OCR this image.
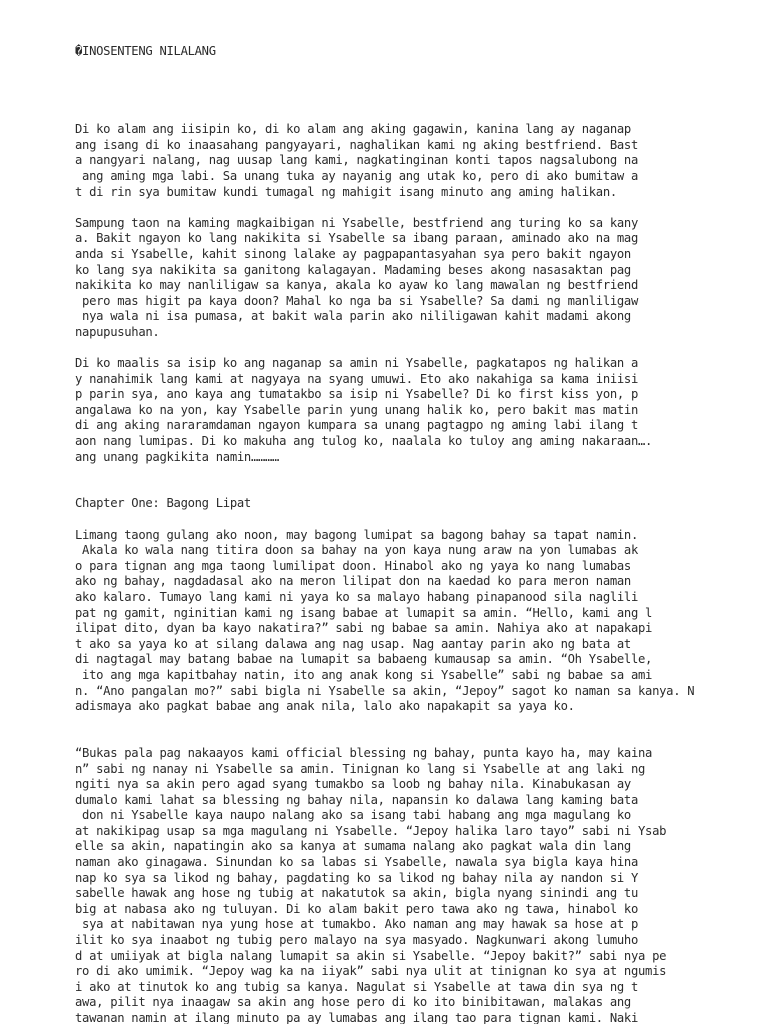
�INOSENTENG NILALANG

Di ko alam ang iisipin ko, di ko alam ang aking gagawin, kanina lang ay naganap
ang isang di ko inaasahang pangyayari, naghalikan kami ng aking bestfriend. Bast
a nangyari nalang, nag uusap lang kami, nagkatinginan konti tapos nagsalubong na
ang aming mga labi. Sa unang tuka ay nayanig ang utak ko, pero di ako bumitaw a
t di rin sya bumitaw kundi tumagal ng mahigit isang minuto ang aming halikan.
Sampung taon na kaming magkaibigan ni Ysabelle, bestfriend ang turing ko sa kany
a. Bakit ngayon ko lang nakikita si Ysabelle sa ibang paraan, aminado ako na mag
anda si Ysabelle, kahit sinong lalake ay pagpapantasyahan sya pero bakit ngayon
ko lang sya nakikita sa ganitong kalagayan. Madaming beses akong nasasaktan pag
nakikita ko may nanliligaw sa kanya, akala ko ayaw ko lang mawalan ng bestfriend
pero mas higit pa kaya doon? Mahal ko nga ba si Ysabelle? Sa dami ng manliligaw
nya wala ni isa pumasa, at bakit wala parin ako nililigawan kahit madami akong
napupusuhan.
Di ko maalis sa isip ko ang naganap sa amin ni Ysabelle, pagkatapos ng halikan a
y nanahimik lang kami at nagyaya na syang umuwi. Eto ako nakahiga sa kama iniisi
p parin sya, ano kaya ang tumatakbo sa isip ni Ysabelle? Di ko first kiss yon, p
angalawa ko na yon, kay Ysabelle parin yung unang halik ko, pero bakit mas matin
di ang aking nararamdaman ngayon kumpara sa unang pagtagpo ng aming labi ilang t
aon nang lumipas. Di ko makuha ang tulog ko, naalala ko tuloy ang aming nakaraan….
ang unang pagkikita namin…………
Chapter One: Bagong Lipat
Limang taong gulang ako noon, may bagong lumipat sa bagong bahay sa tapat namin.
Akala ko wala nang titira doon sa bahay na yon kaya nung araw na yon lumabas ak
o para tignan ang mga taong lumilipat doon. Hinabol ako ng yaya ko nang lumabas
ako ng bahay, nagdadasal ako na meron lilipat don na kaedad ko para meron naman
ako kalaro. Tumayo lang kami ni yaya ko sa malayo habang pinapanood sila naglili
pat ng gamit, nginitian kami ng isang babae at lumapit sa amin. “Hello, kami ang l
ilipat dito, dyan ba kayo nakatira?” sabi ng babae sa amin. Nahiya ako at napakapi
t ako sa yaya ko at silang dalawa ang nag usap. Nag aantay parin ako ng bata at
di nagtagal may batang babae na lumapit sa babaeng kumausap sa amin. “Oh Ysabelle,
ito ang mga kapitbahay natin, ito ang anak kong si Ysabelle” sabi ng babae sa ami
n. “Ano pangalan mo?” sabi bigla ni Ysabelle sa akin, “Jepoy” sagot ko naman sa kanya. N
adismaya ako pagkat babae ang anak nila, lalo ako napakapit sa yaya ko.
“Bukas pala pag nakaayos kami official blessing ng bahay, punta kayo ha, may kaina
n” sabi ng nanay ni Ysabelle sa amin. Tinignan ko lang si Ysabelle at ang laki ng
ngiti nya sa akin pero agad syang tumakbo sa loob ng bahay nila. Kinabukasan ay
dumalo kami lahat sa blessing ng bahay nila, napansin ko dalawa lang kaming bata
don ni Ysabelle kaya naupo nalang ako sa isang tabi habang ang mga magulang ko
at nakikipag usap sa mga magulang ni Ysabelle. “Jepoy halika laro tayo” sabi ni Ysab
elle sa akin, napatingin ako sa kanya at sumama nalang ako pagkat wala din lang
naman ako ginagawa. Sinundan ko sa labas si Ysabelle, nawala sya bigla kaya hina
nap ko sya sa likod ng bahay, pagdating ko sa likod ng bahay nila ay nandon si Y
sabelle hawak ang hose ng tubig at nakatutok sa akin, bigla nyang sinindi ang tu
big at nabasa ako ng tuluyan. Di ko alam bakit pero tawa ako ng tawa, hinabol ko
sya at nabitawan nya yung hose at tumakbo. Ako naman ang may hawak sa hose at p
ilit ko sya inaabot ng tubig pero malayo na sya masyado. Nagkunwari akong lumuho
d at umiiyak at bigla nalang lumapit sa akin si Ysabelle. “Jepoy bakit?” sabi nya pe
ro di ako umimik. “Jepoy wag ka na iiyak” sabi nya ulit at tinignan ko sya at ngumis
i ako at tinutok ko ang tubig sa kanya. Nagulat si Ysabelle at tawa din sya ng t
awa, pilit nya inaagaw sa akin ang hose pero di ko ito binibitawan, malakas ang
tawanan namin at ilang minuto pa ay lumabas ang ilang tao para tignan kami. Naki
